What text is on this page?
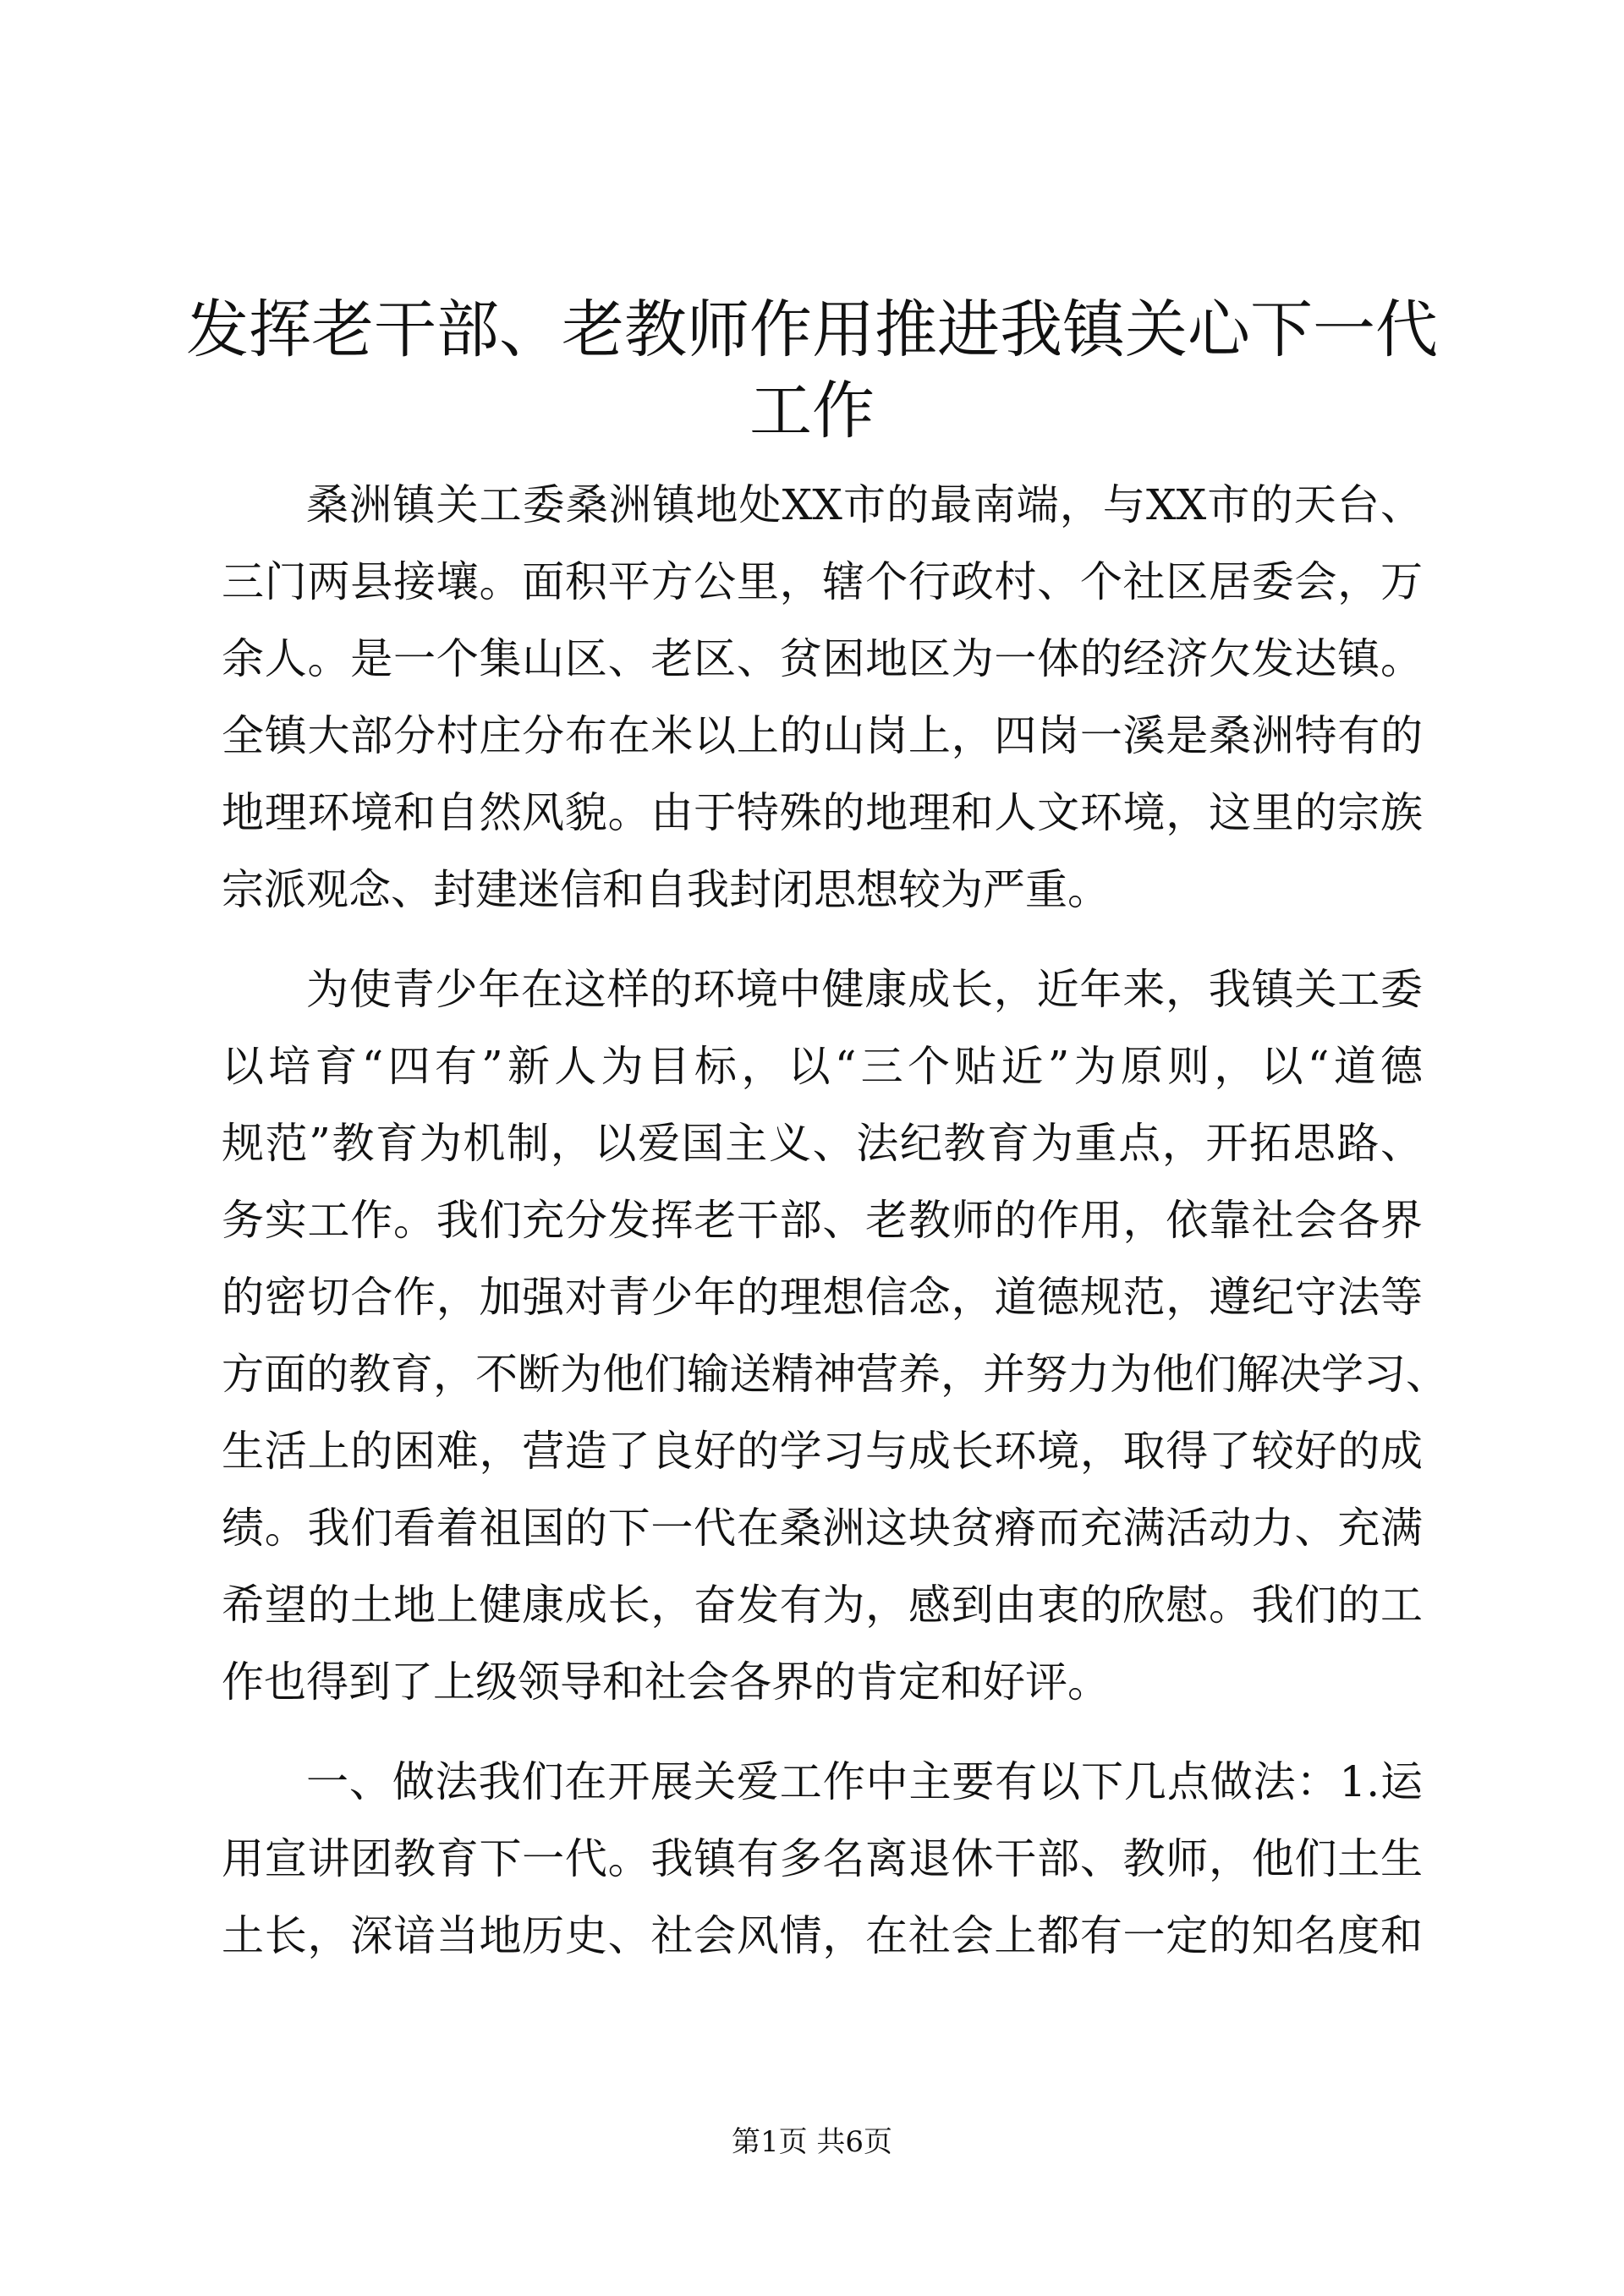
发挥老干部、老教师作用推进我镇关心下一代
工作
桑洲镇关工委桑洲镇地处XX市的最南端，与XX市的天台、
三门两县接壤。面积平方公里，辖个行政村、个社区居委会，万
余人。是一个集山区、老区、贫困地区为一体的经济欠发达镇。
全镇大部分村庄分布在米以上的山岗上，四岗一溪是桑洲特有的
地理环境和自然风貌。由于特殊的地理和人文环境，这里的宗族
宗派观念、封建迷信和自我封闭思想较为严重。
为使青少年在这样的环境中健康成长，近年来，我镇关工委
以培育“四有”新人为目标，以“三个贴近”为原则，以“道德
规范”教育为机制，以爱国主义、法纪教育为重点，开拓思路、
务实工作。我们充分发挥老干部、老教师的作用，依靠社会各界
的密切合作，加强对青少年的理想信念，道德规范，遵纪守法等
方面的教育，不断为他们输送精神营养，并努力为他们解决学习、
生活上的困难，营造了良好的学习与成长环境，取得了较好的成
绩。我们看着祖国的下一代在桑洲这块贫瘠而充满活动力、充满
希望的土地上健康成长，奋发有为，感到由衷的欣慰。我们的工
作也得到了上级领导和社会各界的肯定和好评。
一、做法我们在开展关爱工作中主要有以下几点做法：1.运
用宣讲团教育下一代。我镇有多名离退休干部、教师，他们土生
土长，深谙当地历史、社会风情，在社会上都有一定的知名度和
第1页 共6页
